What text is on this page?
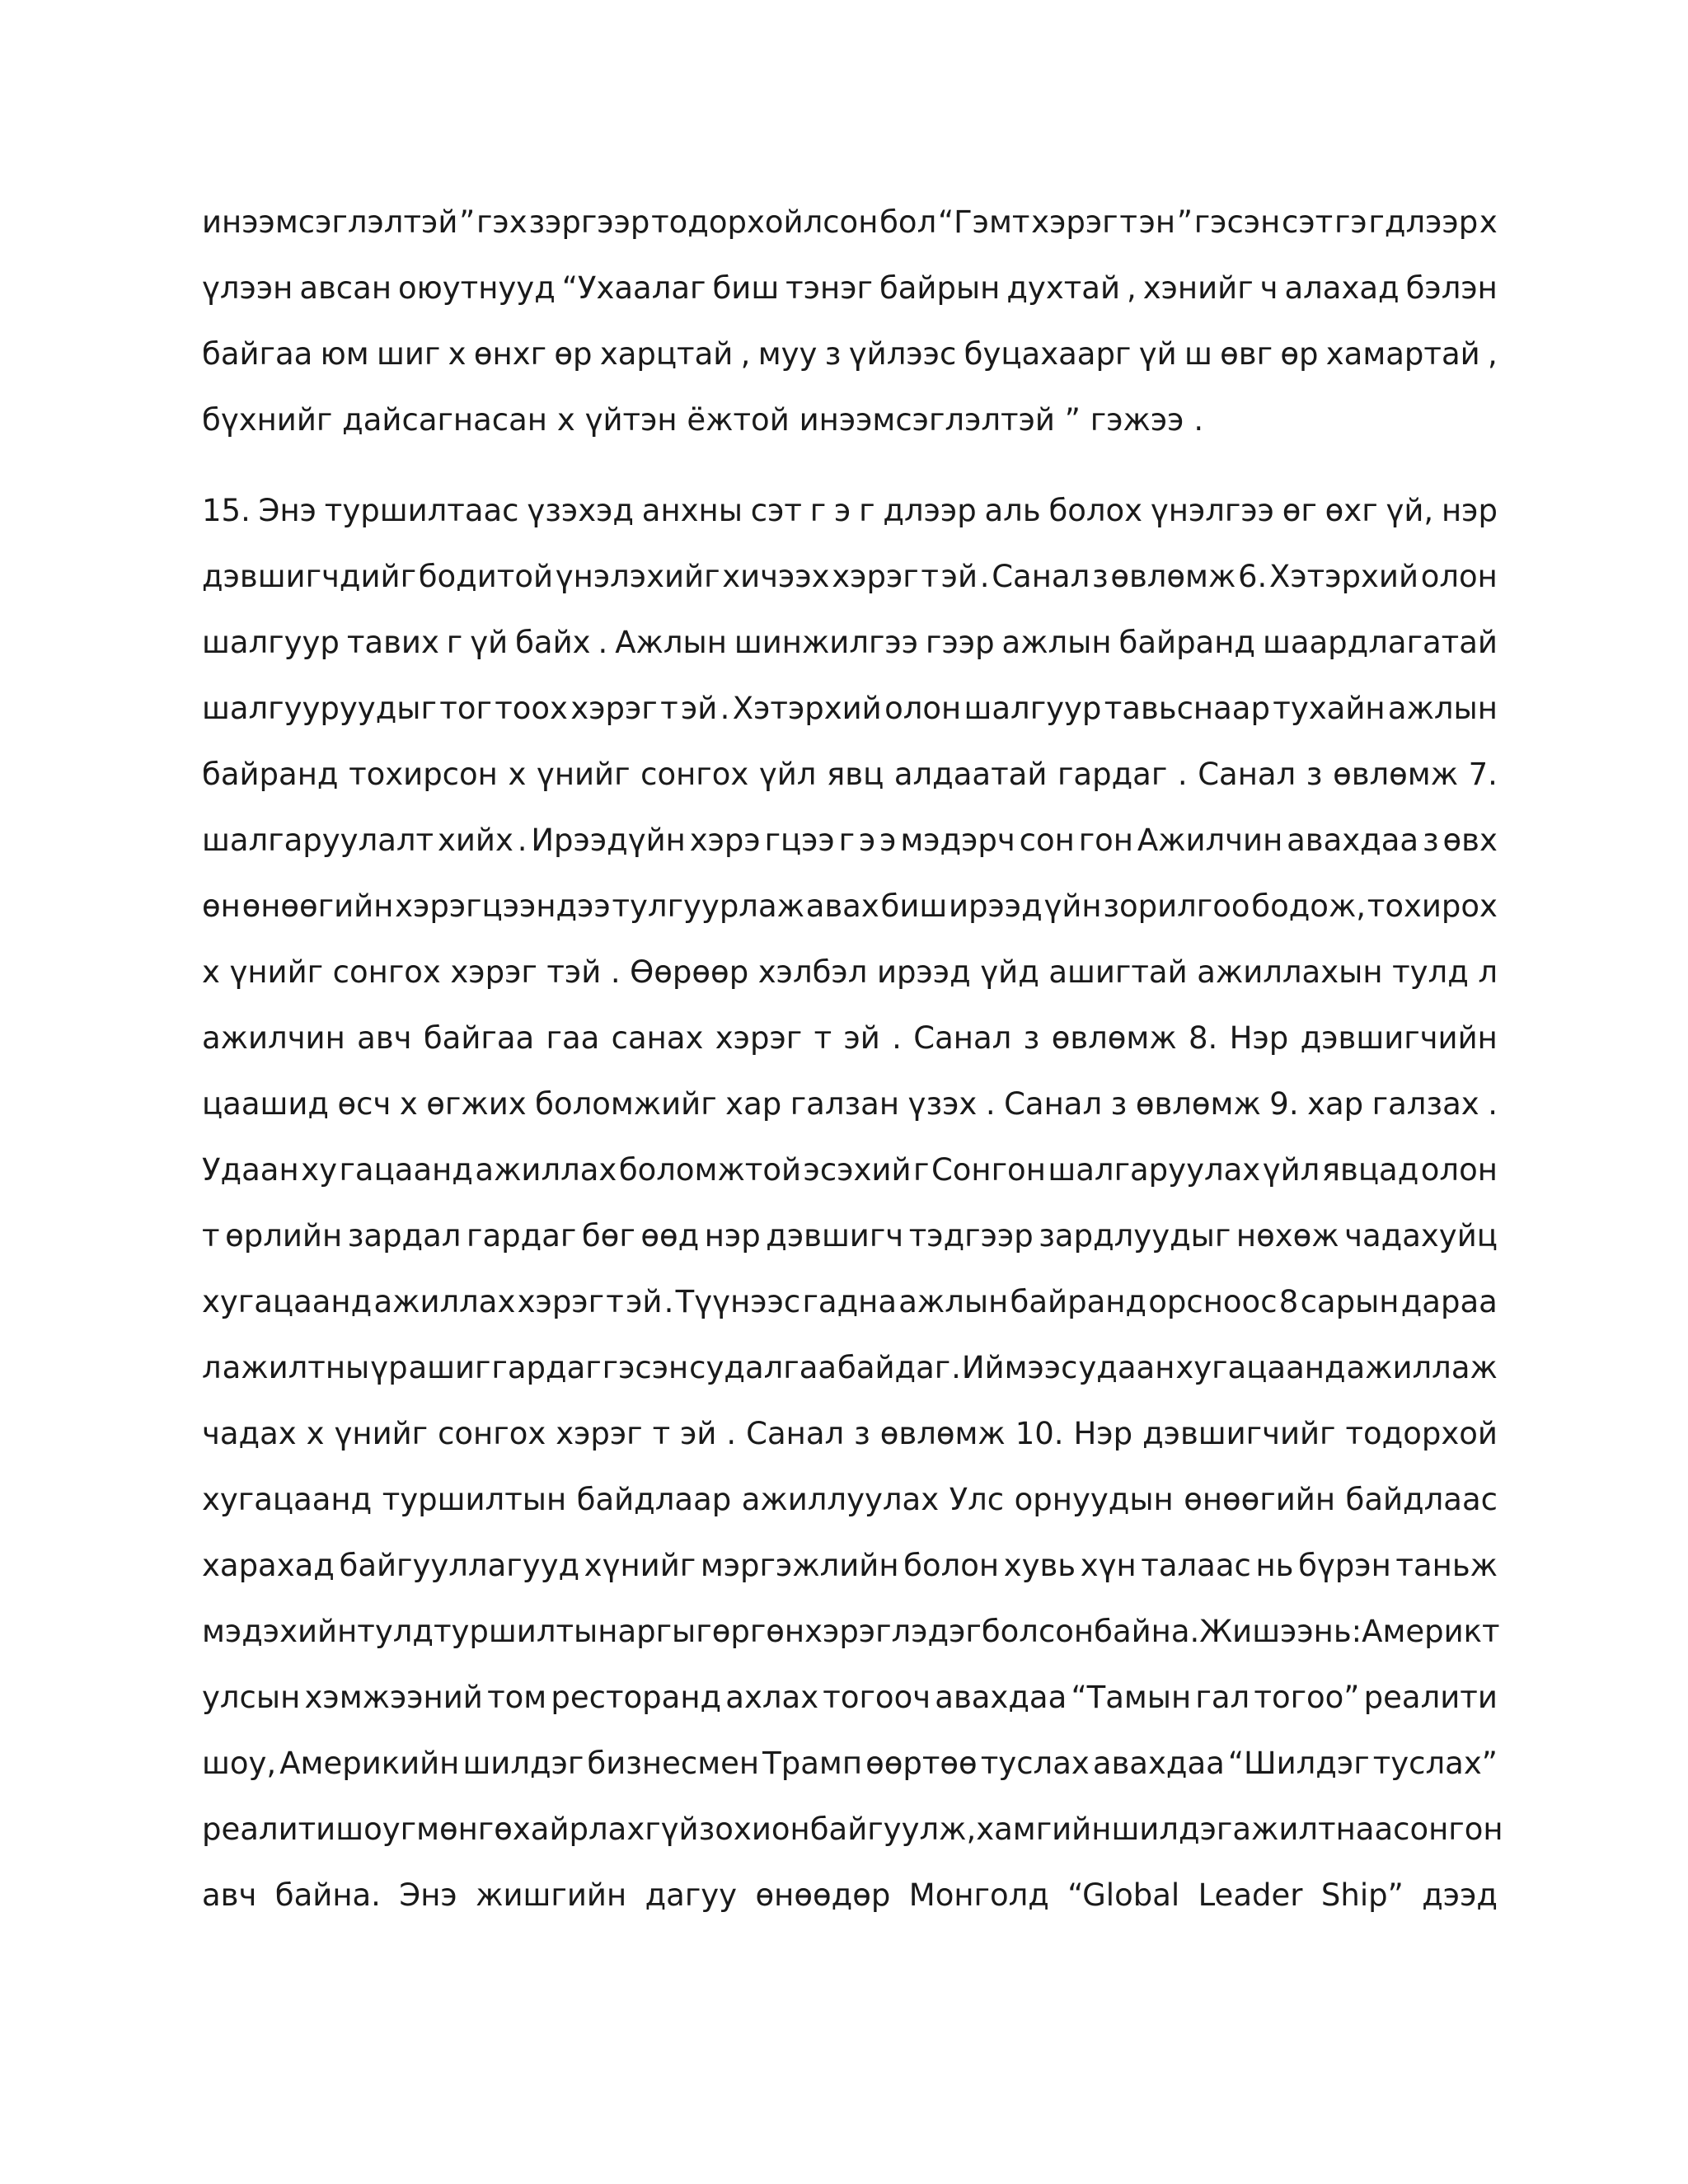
инээмсэглэлтэй ” гэх зэргээр тодорхойлсон бол “Гэмт хэрэг т эн ” гэсэн сэт гэ гдлээр х
үлээн авсан оюутнууд “Ухаалаг биш тэнэг байрын духтай , хэнийг ч алахад бэлэн
байгаа юм шиг х өнхг өр харцтай , муу з үйлээс буцахаарг үй ш өвг өр хамартай ,
бүхнийг дайсагнасан х үйтэн ёжтой инээмсэглэлтэй ” гэжээ .
15. Энэ туршилтаас үзэхэд анхны сэт г э г длээр аль болох үнэлгээ өг өхг үй, нэр
дэвшигчдийг бодитой үнэлэхийг хичээх хэрэг т эй . Санал з өвлөмж 6. Хэтэрхий олон
шалгуур тавих г үй байх . Ажлын шинжилгээ гээр ажлын байранд шаардлагатай
шалгууруудыг тог тоох хэрэг т эй . Хэтэрхий олон шалгуур тавьснаар тухайн ажлын
байранд тохирсон х үнийг сонгох үйл явц алдаатай гардаг . Санал з өвлөмж 7.
шалгаруулалт хийх . Ирээдүйн хэрэ гцээ г э э мэдэрч сон гон Ажилчин авахдаа з өвх
өн өнөөгийн хэрэгцээндээ тулгуурлаж авах биш ирээд үйн зорилгоо бодож, тохирох
х үнийг сонгох хэрэг тэй . Өөрөөр хэлбэл ирээд үйд ашигтай ажиллахын тулд л
ажилчин авч байгаа гаа санах хэрэг т эй . Санал з өвлөмж 8. Нэр дэвшигчийн
цаашид өсч х өгжих боломжийг хар галзан үзэх . Санал з өвлөмж 9. хар галзах .
Удаан ху гацаанд ажиллах боломжтой эсэхий г Сонгон шалгаруулах үйл явцад олон
т өрлийн зардал гардаг бөг өөд нэр дэвшигч тэдгээр зардлуудыг нөхөж чадахуйц
хугацаанд ажиллах хэрэг т эй . Түүнээс гадна ажлын байранд орсноос 8 сарын дараа
л ажилтны үр ашиг гардаг гэсэн судалгаа байдаг . Иймээс удаан хугацаанд ажиллаж
чадах х үнийг сонгох хэрэг т эй . Санал з өвлөмж 10. Нэр дэвшигчийг тодорхой
хугацаанд туршилтын байдлаар ажиллуулах Улс орнуудын өнөөгийн байдлаас
харахад байгууллагууд хүнийг мэргэжлийн болон хувь хүн талаас нь бүрэн таньж
мэдэхийн тулд туршилтын аргыг өргөн хэрэглэдэг болсон байна. Жишээ нь: Америкт
улсын хэмжээний том ресторанд ахлах тогооч авахдаа “Тамын гал тогоо” реалити
шоу, Америкийн шилдэг бизнесмен Трамп өөртөө туслах авахдаа “Шилдэг туслах”
реалити шоуг мөнгө хайрлахгүй зохион байгуулж, хамгийн шилдэг ажилтнаа сонгон
авч байна. Энэ жишгийн дагуу өнөөдөр Монголд “Global Leader Ship” дээд
